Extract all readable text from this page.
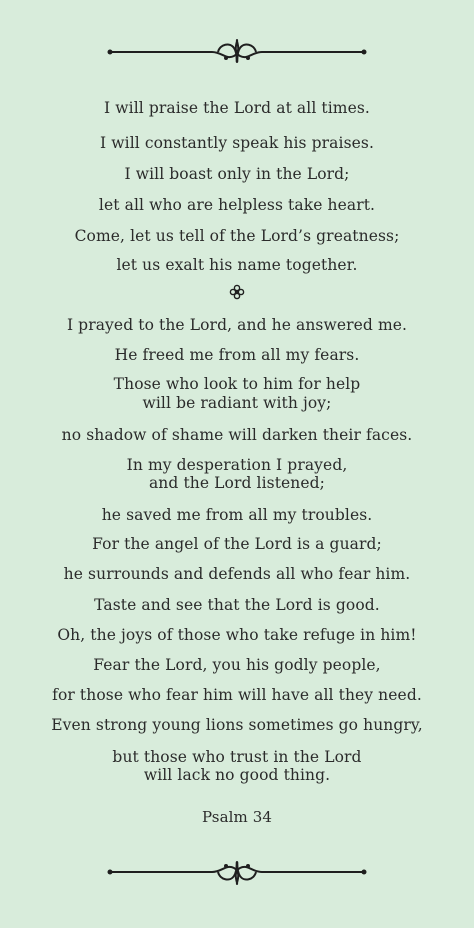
I will praise the Lord at all times.
I will constantly speak his praises.
I will boast only in the Lord;
let all who are helpless take heart.
Come, let us tell of the Lord’s greatness;
let us exalt his name together.
I prayed to the Lord, and he answered me.
He freed me from all my fears.
Those who look to him for help
will be radiant with joy;
no shadow of shame will darken their faces.
In my desperation I prayed,
and the Lord listened;
he saved me from all my troubles.
For the angel of the Lord is a guard;
he surrounds and defends all who fear him.
Taste and see that the Lord is good.
Oh, the joys of those who take refuge in him!
Fear the Lord, you his godly people,
for those who fear him will have all they need.
Even strong young lions sometimes go hungry,
but those who trust in the Lord
will lack no good thing.
Psalm 34
